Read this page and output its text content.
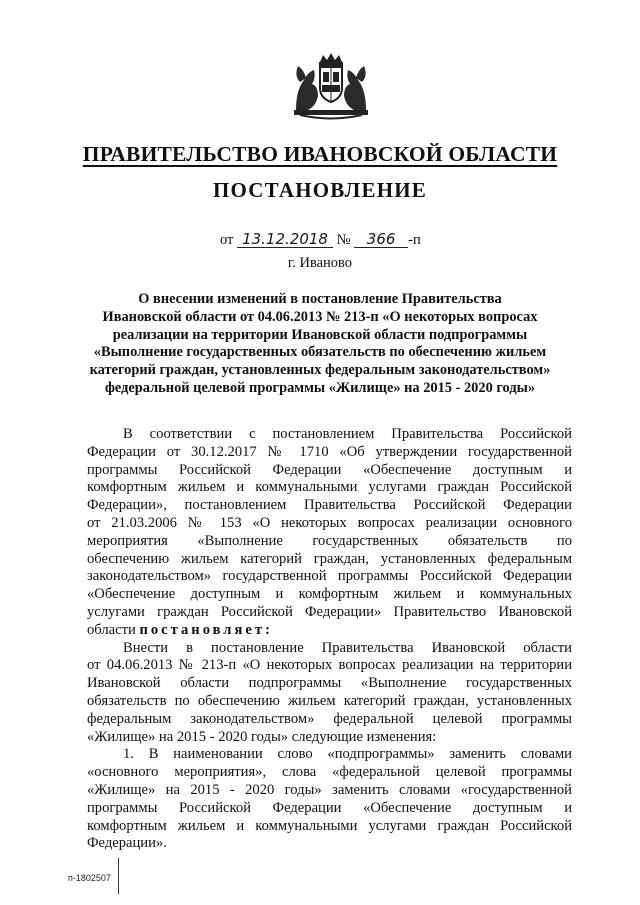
ПРАВИТЕЛЬСТВО ИВАНОВСКОЙ ОБЛАСТИ
ПОСТАНОВЛЕНИЕ
от 13.12.2018 № 366 -п
г. Иваново
О внесении изменений в постановление Правительства
Ивановской области от 04.06.2013 № 213-п «О некоторых вопросах
реализации на территории Ивановской области подпрограммы
«Выполнение государственных обязательств по обеспечению жильем
категорий граждан, установленных федеральным законодательством»
федеральной целевой программы «Жилище» на 2015 - 2020 годы»
В соответствии с постановлением Правительства Российской
Федерации от 30.12.2017 № 1710 «Об утверждении государственной
программы Российской Федерации «Обеспечение доступным и
комфортным жильем и коммунальными услугами граждан Российской
Федерации», постановлением Правительства Российской Федерации
от 21.03.2006 № 153 «О некоторых вопросах реализации основного
мероприятия «Выполнение государственных обязательств по
обеспечению жильем категорий граждан, установленных федеральным
законодательством» государственной программы Российской Федерации
«Обеспечение доступным и комфортным жильем и коммунальных
услугами граждан Российской Федерации» Правительство Ивановской
области постановляет:
Внести в постановление Правительства Ивановской области
от 04.06.2013 № 213-п «О некоторых вопросах реализации на территории
Ивановской области подпрограммы «Выполнение государственных
обязательств по обеспечению жильем категорий граждан, установленных
федеральным законодательством» федеральной целевой программы
«Жилище» на 2015 - 2020 годы» следующие изменения:
1. В наименовании слово «подпрограммы» заменить словами
«основного мероприятия», слова «федеральной целевой программы
«Жилище» на 2015 - 2020 годы» заменить словами «государственной
программы Российской Федерации «Обеспечение доступным и
комфортным жильем и коммунальными услугами граждан Российской
Федерации».
п-1802507
